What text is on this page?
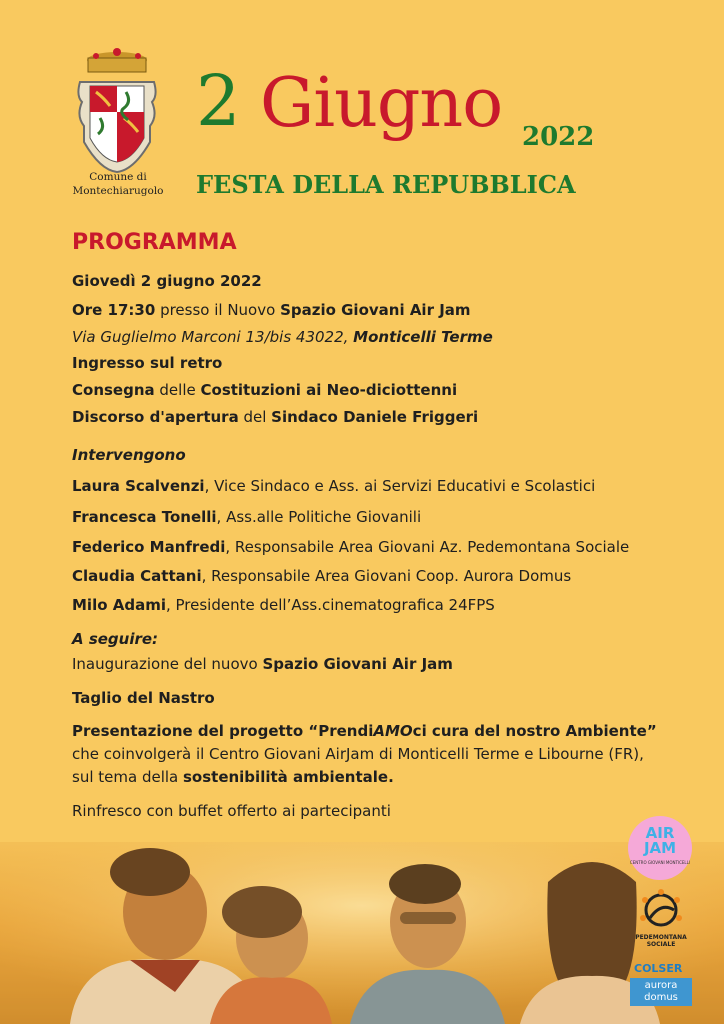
Comune di
Montechiarugolo
2 Giugno 2022
FESTA DELLA REPUBBLICA
PROGRAMMA
Giovedì 2 giugno 2022
Ore 17:30 presso il Nuovo Spazio Giovani Air Jam
Via Guglielmo Marconi 13/bis 43022, Monticelli Terme
Ingresso sul retro
Consegna delle Costituzioni ai Neo-diciottenni
Discorso d'apertura del Sindaco Daniele Friggeri
Intervengono
Laura Scalvenzi, Vice Sindaco e Ass. ai Servizi Educativi e Scolastici
Francesca Tonelli, Ass.alle Politiche Giovanili
Federico Manfredi, Responsabile Area Giovani Az. Pedemontana Sociale
Claudia Cattani, Responsabile Area Giovani Coop. Aurora Domus
Milo Adami, Presidente dell’Ass.cinematografica 24FPS
A seguire:
Inaugurazione del nuovo Spazio Giovani Air Jam
Taglio del Nastro
Presentazione del progetto “PrendiAMOci cura del nostro Ambiente”
che coinvolgerà il Centro Giovani AirJam di Monticelli Terme e Libourne (FR),
sul tema della sostenibilità ambientale.
Rinfresco con buffet offerto ai partecipanti
AIR
JAM
CENTRO GIOVANI MONTICELLI
PEDEMONTANA
SOCIALE
COLSER
aurora
domus
